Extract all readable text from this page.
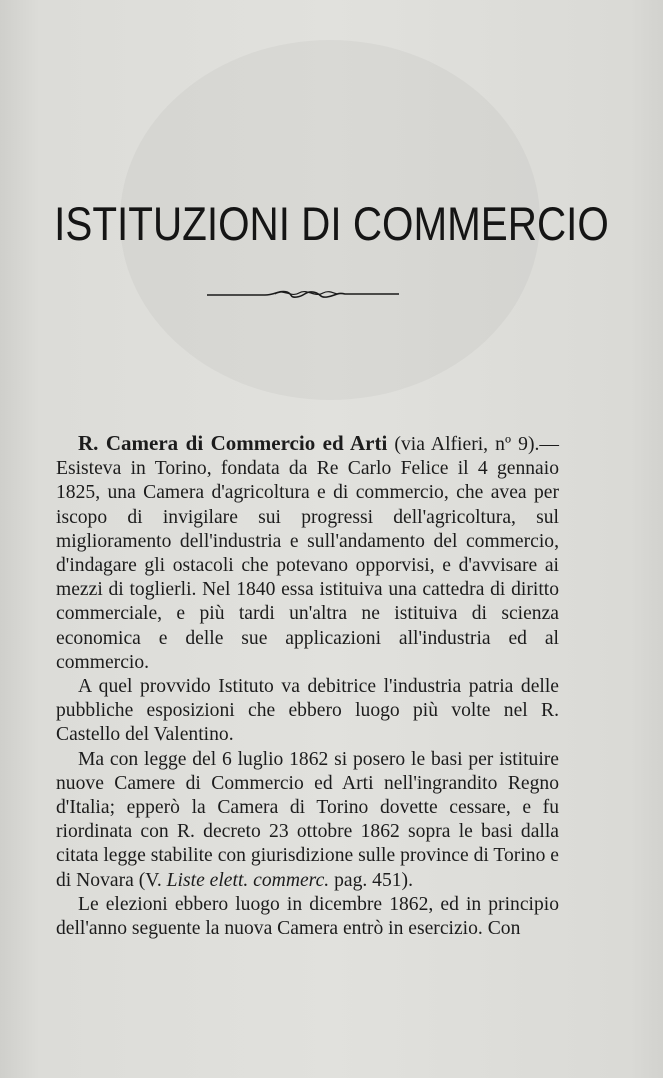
ISTITUZIONI DI COMMERCIO

R. Camera di Commercio ed Arti (via Alfieri, nº 9).— Esisteva in Torino, fondata da Re Carlo Felice il 4 gennaio 1825, una Camera d'agricoltura e di commercio, che avea per iscopo di invigilare sui progressi dell'agricoltura, sul miglioramento dell'industria e sull'andamento del commercio, d'indagare gli ostacoli che potevano opporvisi, e d'avvisare ai mezzi di toglierli. Nel 1840 essa istituiva una cattedra di diritto commerciale, e più tardi un'altra ne istituiva di scienza economica e delle sue applicazioni all'industria ed al commercio.

A quel provvido Istituto va debitrice l'industria patria delle pubbliche esposizioni che ebbero luogo più volte nel R. Castello del Valentino.

Ma con legge del 6 luglio 1862 si posero le basi per istituire nuove Camere di Commercio ed Arti nell'ingrandito Regno d'Italia; epperò la Camera di Torino dovette cessare, e fu riordinata con R. decreto 23 ottobre 1862 sopra le basi dalla citata legge stabilite con giurisdizione sulle province di Torino e di Novara (V. Liste elett. commerc. pag. 451).

Le elezioni ebbero luogo in dicembre 1862, ed in principio dell'anno seguente la nuova Camera entrò in esercizio. Con
